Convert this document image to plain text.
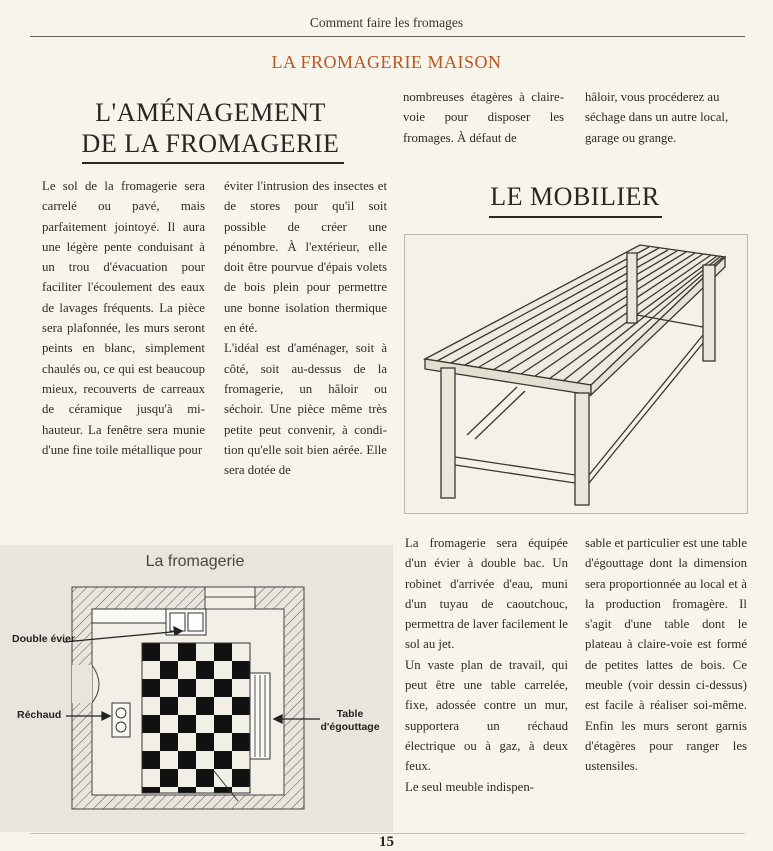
Comment faire les fromages
LA FROMAGERIE MAISON
L'AMÉNAGEMENT
DE LA FROMAGERIE

Le sol de la fromagerie sera carrelé ou pavé, mais parfaitement jointoyé. Il aura une légère pente conduisant à un trou d'évacuation pour faciliter l'écoulement des eaux de lavages fréquents. La pièce sera plafonnée, les murs seront peints en blanc, simplement chaulés ou, ce qui est beaucoup mieux, recouverts de carreaux de céramique jusqu'à mi-hauteur. La fenêtre sera munie d'une fine toile métallique pour

éviter l'intrusion des insectes et de stores pour qu'il soit possible de créer une pénombre. À l'extérieur, elle doit être pourvue d'épais volets de bois plein pour permettre une bonne isolation thermique en été.

L'idéal est d'aménager, soit à côté, soit au-dessus de la fromagerie, un hâloir ou séchoir. Une pièce même très petite peut convenir, à condition qu'elle soit bien aérée. Elle sera dotée de

nombreuses étagères à claire-voie pour disposer les fromages. À défaut de

hâloir, vous procéderez au séchage dans un autre local, garage ou grange.

LE MOBILIER

La fromagerie sera équipée d'un évier à double bac. Un robinet d'arrivée d'eau, muni d'un tuyau de caoutchouc, permettra de laver facilement le sol au jet.

Un vaste plan de travail, qui peut être une table carrelée, fixe, adossée contre un mur, supportera un réchaud électrique ou à gaz, à deux feux.

Le seul meuble indispen-

sable et particulier est une table d'égouttage dont la dimension sera proportionnée au local et à la production fromagère. Il s'agit d'une table dont le plateau à claire-voie est formé de petites lattes de bois. Ce meuble (voir dessin ci-dessus) est facile à réaliser soi-même. Enfin les murs seront garnis d'étagères pour ranger les ustensiles.

La fromagerie
Double évier
Réchaud	Table
d'égouttage
15
